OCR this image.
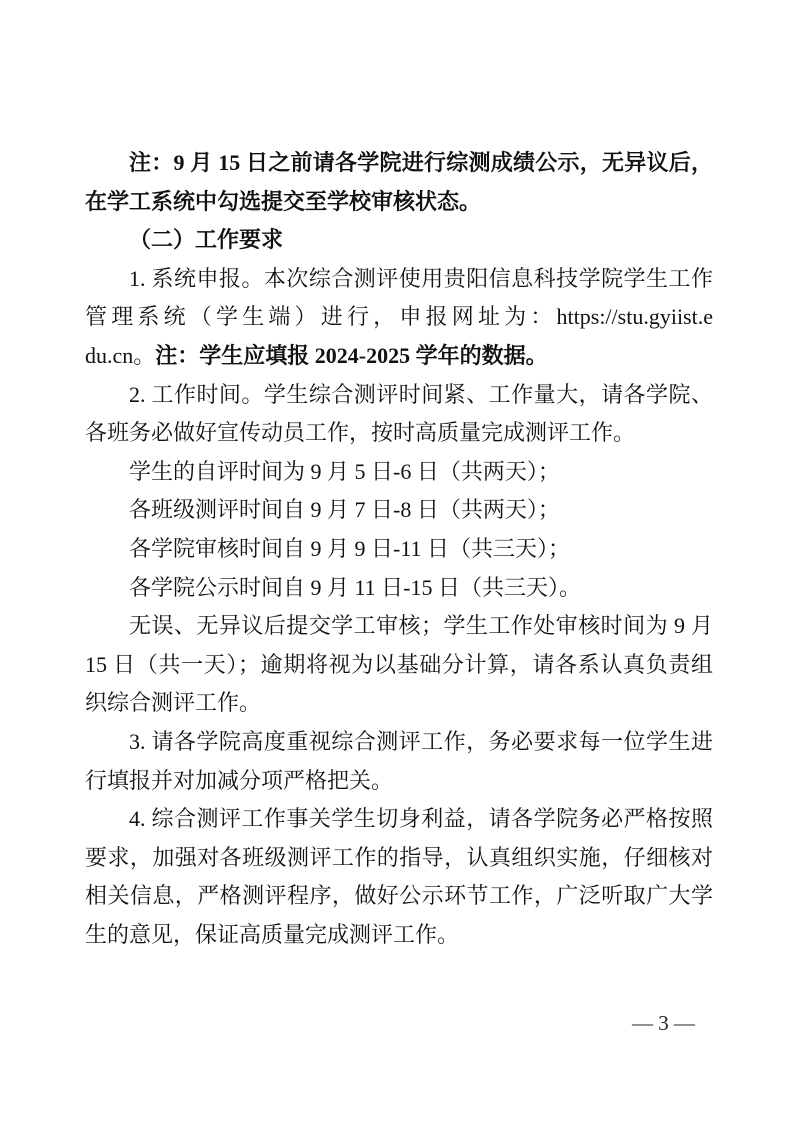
注：9 月 15 日之前请各学院进行综测成绩公示，无异议后，
在学工系统中勾选提交至学校审核状态。
（二）工作要求
1. 系统申报。本次综合测评使用贵阳信息科技学院学生工作
管理系统（学生端）进行，申报网址为：https://stu.gyiist.e
du.cn。注：学生应填报 2024-2025 学年的数据。
2. 工作时间。学生综合测评时间紧、工作量大，请各学院、
各班务必做好宣传动员工作，按时高质量完成测评工作。
学生的自评时间为 9 月 5 日-6 日（共两天）；
各班级测评时间自 9 月 7 日-8 日（共两天）；
各学院审核时间自 9 月 9 日-11 日（共三天）；
各学院公示时间自 9 月 11 日-15 日（共三天）。
无误、无异议后提交学工审核；学生工作处审核时间为 9 月
15 日（共一天）；逾期将视为以基础分计算，请各系认真负责组
织综合测评工作。
3. 请各学院高度重视综合测评工作，务必要求每一位学生进
行填报并对加减分项严格把关。
4. 综合测评工作事关学生切身利益，请各学院务必严格按照
要求，加强对各班级测评工作的指导，认真组织实施，仔细核对
相关信息，严格测评程序，做好公示环节工作，广泛听取广大学
生的意见，保证高质量完成测评工作。
— 3 —
